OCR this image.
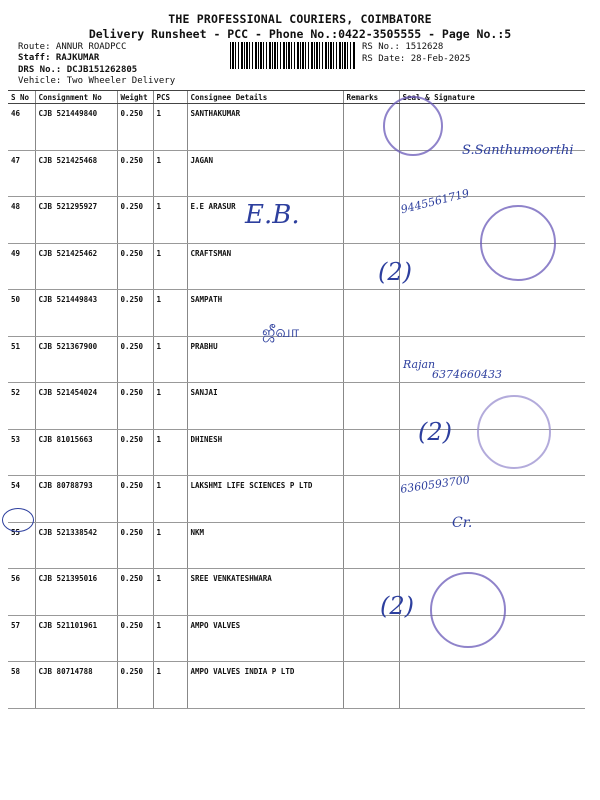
THE PROFESSIONAL COURIERS, COIMBATORE
Delivery Runsheet - PCC - Phone No.:0422-3505555 - Page No.:5
Route: ANNUR ROADPCC
Staff: RAJKUMAR
DRS No.: DCJB151262805
Vehicle: Two Wheeler Delivery
RS No.: 1512628
RS Date: 28-Feb-2025
S No	Consignment No	Weight	PCS	Consignee Details	Remarks	Seal & Signature
46	CJB 521449840	0.250	1	SANTHAKUMAR		
47	CJB 521425468	0.250	1	JAGAN		
48	CJB 521295927	0.250	1	E.E ARASUR		
49	CJB 521425462	0.250	1	CRAFTSMAN		
50	CJB 521449843	0.250	1	SAMPATH		
51	CJB 521367900	0.250	1	PRABHU		
52	CJB 521454024	0.250	1	SANJAI		
53	CJB 81015663	0.250	1	DHINESH		
54	CJB 80788793	0.250	1	LAKSHMI LIFE SCIENCES P LTD		
55	CJB 521338542	0.250	1	NKM		
56	CJB 521395016	0.250	1	SREE VENKATESHWARA		
57	CJB 521101961	0.250	1	AMPO VALVES		
58	CJB 80714788	0.250	1	AMPO VALVES INDIA P LTD		
S.Santhumoorthi
E.B.	9445561719
(2)
ஜீவா
Rajan
6374660433
(2)
6360593700
Cr.
(2)
